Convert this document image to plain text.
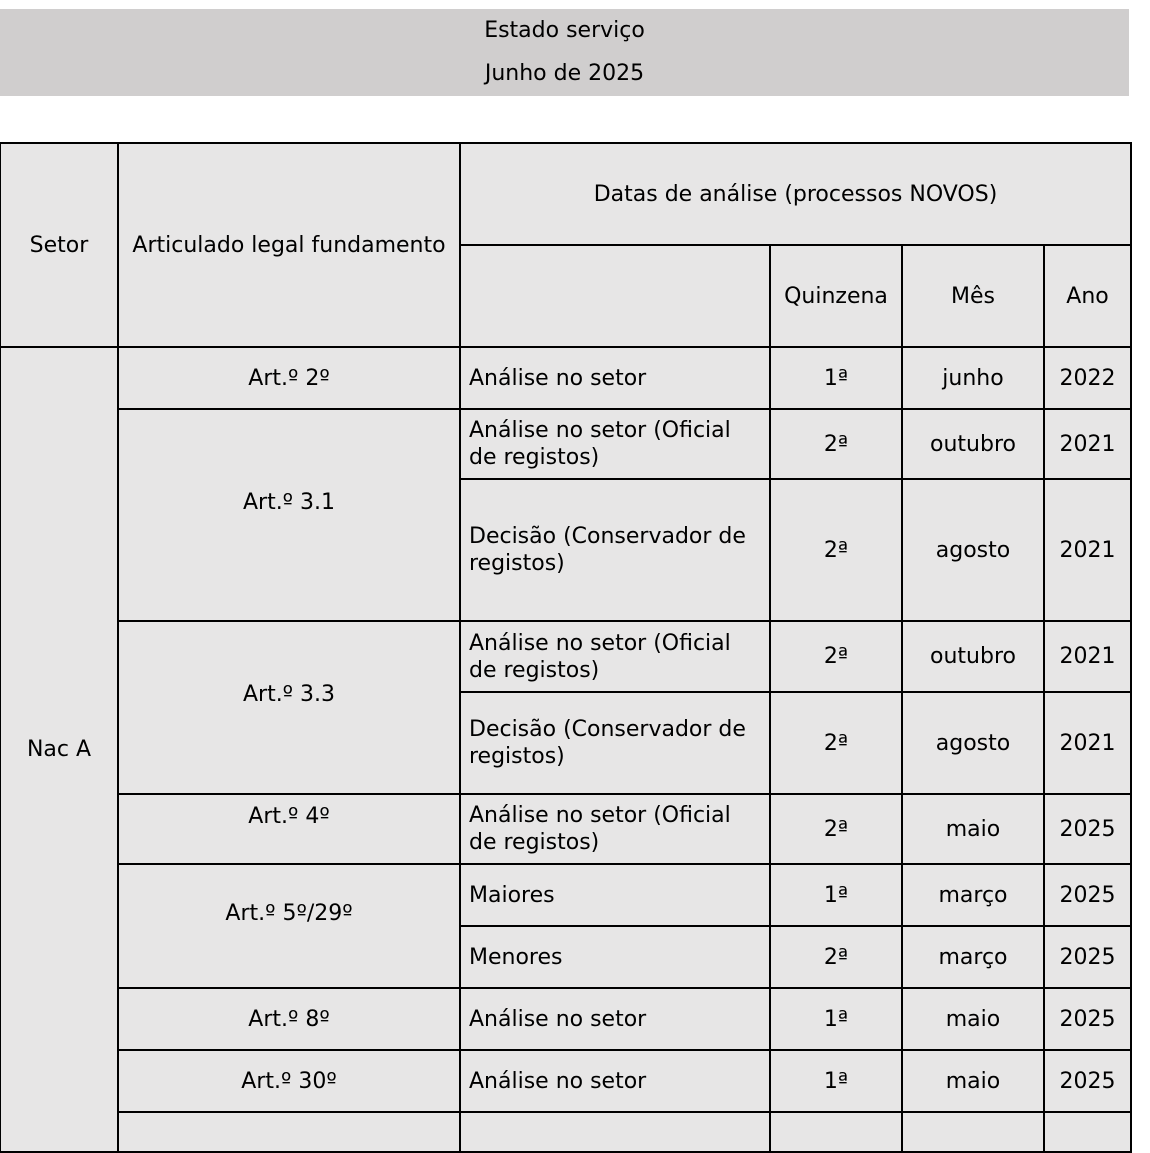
Estado serviço
Junho de 2025
Setor	Articulado legal fundamento	Datas de análise (processos NOVOS)			
			Quinzena	Mês	Ano
Nac A	Art.º 2º	Análise no setor	1ª	junho	2022
	Art.º 3.1	Análise no setor (Oficial de registos)	2ª	outubro	2021
		Decisão (Conservador de registos)	2ª	agosto	2021
	Art.º 3.3	Análise no setor (Oficial de registos)	2ª	outubro	2021
		Decisão (Conservador de registos)	2ª	agosto	2021
	Art.º 4º	Análise no setor (Oficial de registos)	2ª	maio	2025
	Art.º 5º/29º	Maiores	1ª	março	2025
		Menores	2ª	março	2025
	Art.º 8º	Análise no setor	1ª	maio	2025
	Art.º 30º	Análise no setor	1ª	maio	2025
